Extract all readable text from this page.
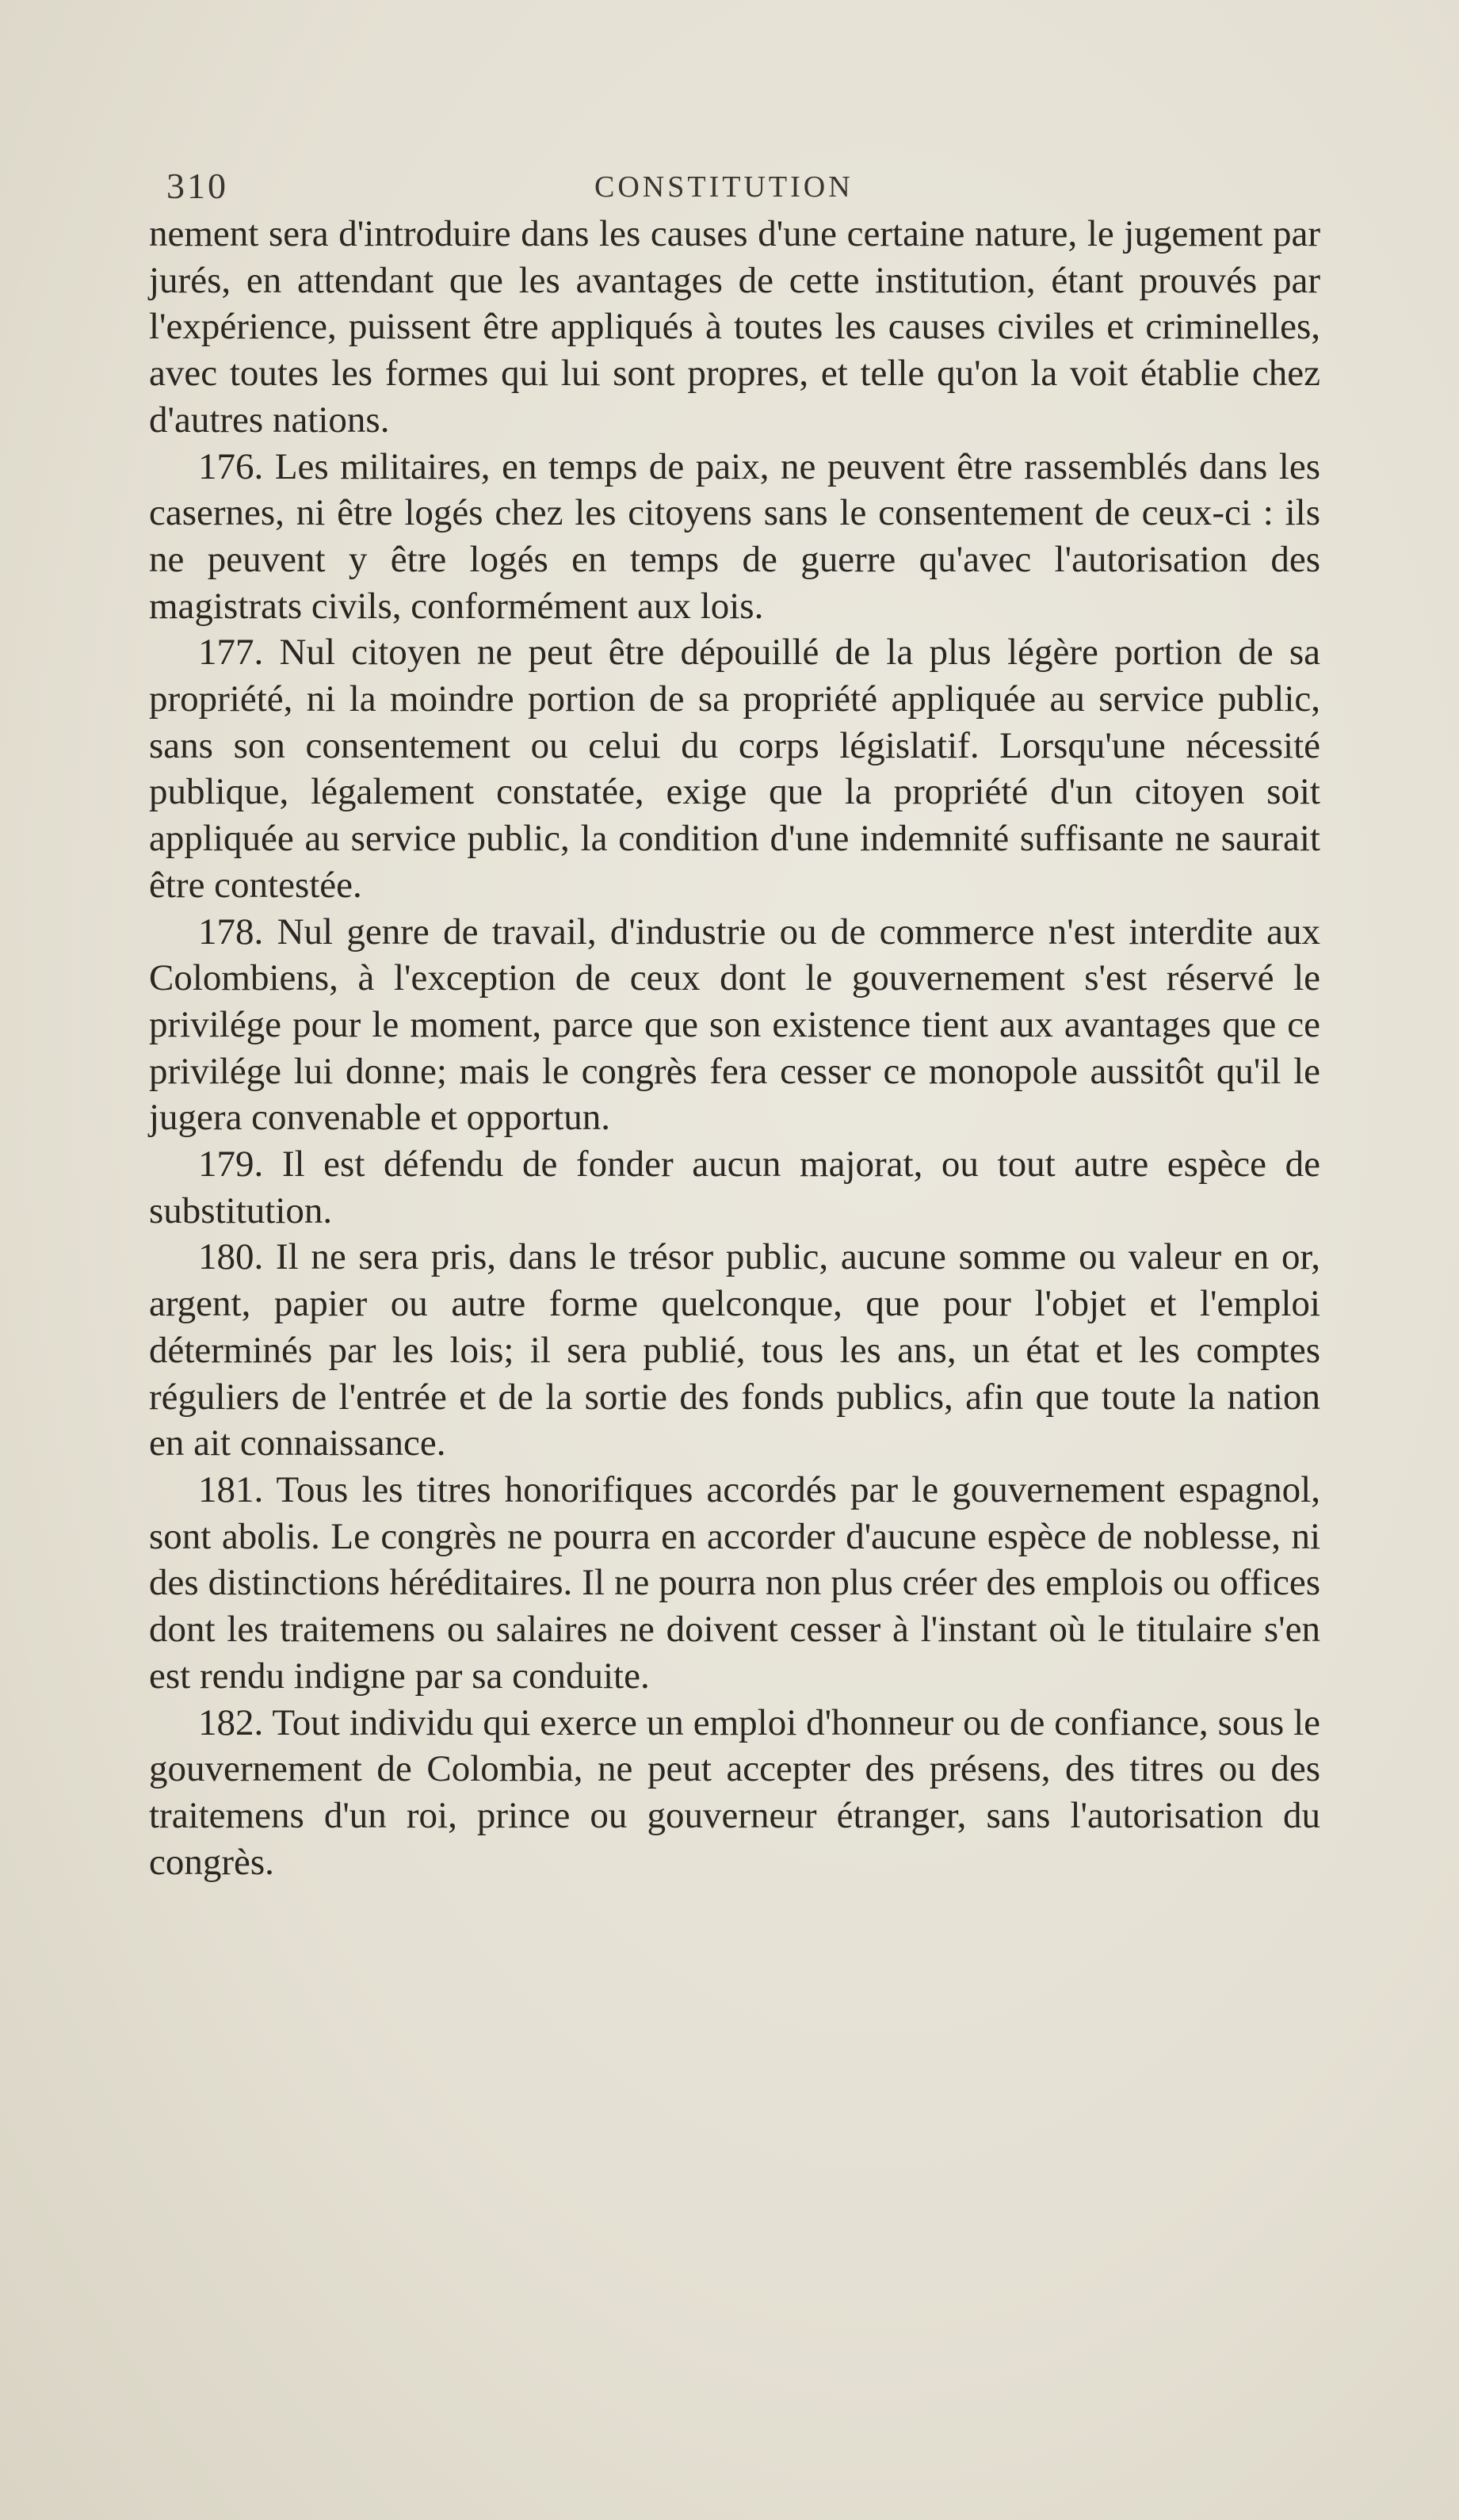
310	CONSTITUTION

nement sera d'introduire dans les causes d'une certaine nature, le jugement par jurés, en attendant que les avantages de cette institution, étant prouvés par l'expérience, puissent être appliqués à toutes les causes civiles et criminelles, avec toutes les formes qui lui sont propres, et telle qu'on la voit établie chez d'autres nations.

176. Les militaires, en temps de paix, ne peuvent être rassemblés dans les casernes, ni être logés chez les citoyens sans le consentement de ceux-ci : ils ne peuvent y être logés en temps de guerre qu'avec l'autorisation des magistrats civils, conformément aux lois.

177. Nul citoyen ne peut être dépouillé de la plus légère portion de sa propriété, ni la moindre portion de sa propriété appliquée au service public, sans son consentement ou celui du corps législatif. Lorsqu'une nécessité publique, légalement constatée, exige que la propriété d'un citoyen soit appliquée au service public, la condition d'une indemnité suffisante ne saurait être contestée.

178. Nul genre de travail, d'industrie ou de commerce n'est interdite aux Colombiens, à l'exception de ceux dont le gouvernement s'est réservé le privilége pour le moment, parce que son existence tient aux avantages que ce privilége lui donne; mais le congrès fera cesser ce monopole aussitôt qu'il le jugera convenable et opportun.

179. Il est défendu de fonder aucun majorat, ou tout autre espèce de substitution.

180. Il ne sera pris, dans le trésor public, aucune somme ou valeur en or, argent, papier ou autre forme quelconque, que pour l'objet et l'emploi déterminés par les lois; il sera publié, tous les ans, un état et les comptes réguliers de l'entrée et de la sortie des fonds publics, afin que toute la nation en ait connaissance.

181. Tous les titres honorifiques accordés par le gouvernement espagnol, sont abolis. Le congrès ne pourra en accorder d'aucune espèce de noblesse, ni des distinctions héréditaires. Il ne pourra non plus créer des emplois ou offices dont les traitemens ou salaires ne doivent cesser à l'instant où le titulaire s'en est rendu indigne par sa conduite.

182. Tout individu qui exerce un emploi d'honneur ou de confiance, sous le gouvernement de Colombia, ne peut accepter des présens, des titres ou des traitemens d'un roi, prince ou gouverneur étranger, sans l'autorisation du congrès.
